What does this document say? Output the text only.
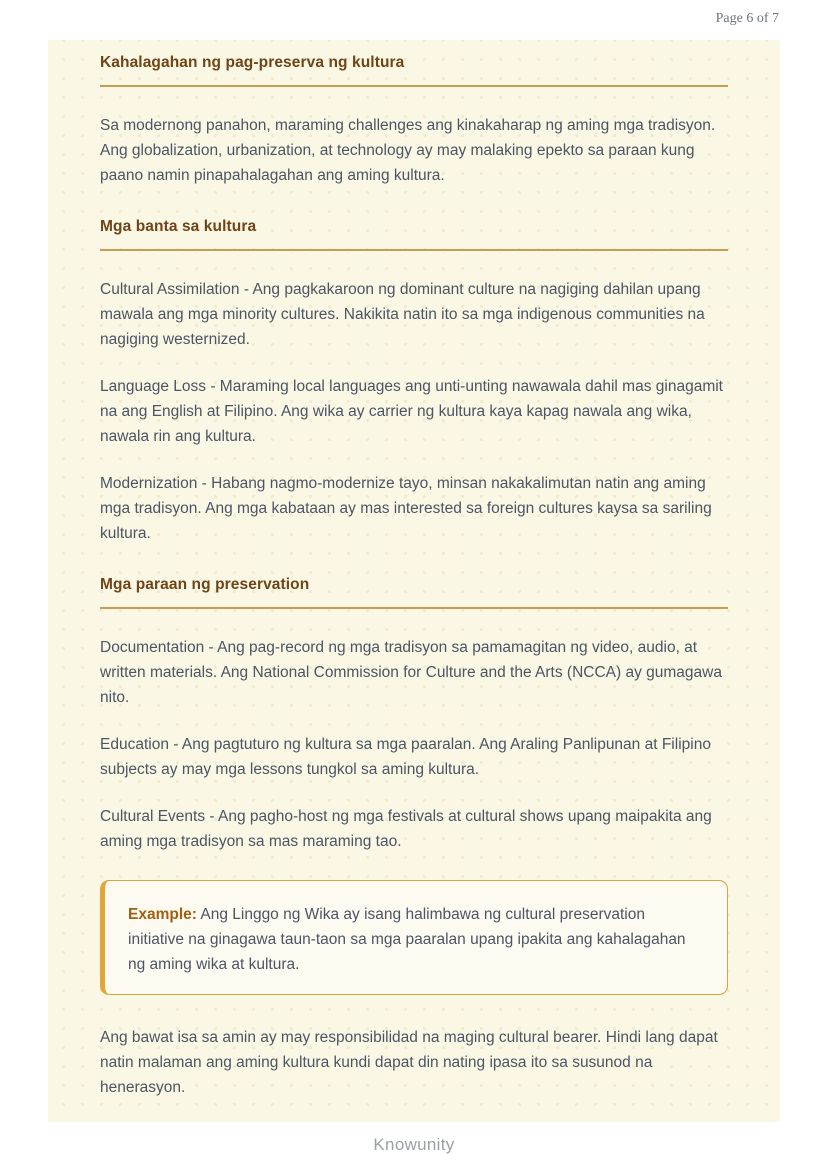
Page 6 of 7
Kahalagahan ng pag-preserva ng kultura

Sa modernong panahon, maraming challenges ang kinakaharap ng aming mga tradisyon. Ang globalization, urbanization, at technology ay may malaking epekto sa paraan kung paano namin pinapahalagahan ang aming kultura.

Mga banta sa kultura

Cultural Assimilation - Ang pagkakaroon ng dominant culture na nagiging dahilan upang mawala ang mga minority cultures. Nakikita natin ito sa mga indigenous communities na nagiging westernized.

Language Loss - Maraming local languages ang unti-unting nawawala dahil mas ginagamit na ang English at Filipino. Ang wika ay carrier ng kultura kaya kapag nawala ang wika, nawala rin ang kultura.

Modernization - Habang nagmo-modernize tayo, minsan nakakalimutan natin ang aming mga tradisyon. Ang mga kabataan ay mas interested sa foreign cultures kaysa sa sariling kultura.

Mga paraan ng preservation

Documentation - Ang pag-record ng mga tradisyon sa pamamagitan ng video, audio, at written materials. Ang National Commission for Culture and the Arts (NCCA) ay gumagawa nito.

Education - Ang pagtuturo ng kultura sa mga paaralan. Ang Araling Panlipunan at Filipino subjects ay may mga lessons tungkol sa aming kultura.

Cultural Events - Ang pagho-host ng mga festivals at cultural shows upang maipakita ang aming mga tradisyon sa mas maraming tao.

Example: Ang Linggo ng Wika ay isang halimbawa ng cultural preservation initiative na ginagawa taun-taon sa mga paaralan upang ipakita ang kahalagahan ng aming wika at kultura.

Ang bawat isa sa amin ay may responsibilidad na maging cultural bearer. Hindi lang dapat natin malaman ang aming kultura kundi dapat din nating ipasa ito sa susunod na henerasyon.

Knowunity
